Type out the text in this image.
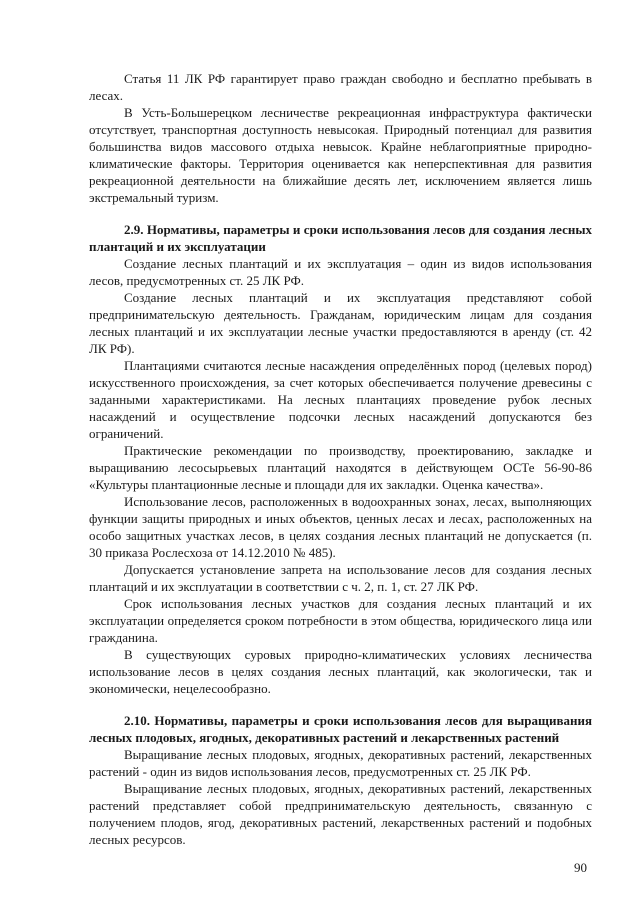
Статья 11 ЛК РФ гарантирует право граждан свободно и бесплатно пребывать в лесах.

В Усть-Большерецком лесничестве рекреационная инфраструктура фактически отсутствует, транспортная доступность невысокая. Природный потенциал для развития большинства видов массового отдыха невысок. Крайне неблагоприятные природно-климатические факторы. Территория оценивается как неперспективная для развития рекреационной деятельности на ближайшие десять лет, исключением является лишь экстремальный туризм.

2.9. Нормативы, параметры и сроки использования лесов для создания лесных плантаций и их эксплуатации

Создание лесных плантаций и их эксплуатация – один из видов использования лесов, предусмотренных ст. 25 ЛК РФ.

Создание лесных плантаций и их эксплуатация представляют собой предпринимательскую деятельность. Гражданам, юридическим лицам для создания лесных плантаций и их эксплуатации лесные участки предоставляются в аренду (ст. 42 ЛК РФ).

Плантациями считаются лесные насаждения определённых пород (целевых пород) искусственного происхождения, за счет которых обеспечивается получение древесины с заданными характеристиками. На лесных плантациях проведение рубок лесных насаждений и осуществление подсочки лесных насаждений допускаются без ограничений.

Практические рекомендации по производству, проектированию, закладке и выращиванию лесосырьевых плантаций находятся в действующем ОСТе 56-90-86 «Культуры плантационные лесные и площади для их закладки. Оценка качества».

Использование лесов, расположенных в водоохранных зонах, лесах, выполняющих функции защиты природных и иных объектов, ценных лесах и лесах, расположенных на особо защитных участках лесов, в целях создания лесных плантаций не допускается (п. 30 приказа Рослесхоза от 14.12.2010 № 485).

Допускается установление запрета на использование лесов для создания лесных плантаций и их эксплуатации в соответствии с ч. 2, п. 1, ст. 27 ЛК РФ.

Срок использования лесных участков для создания лесных плантаций и их эксплуатации определяется сроком потребности в этом общества, юридического лица или гражданина.

В существующих суровых природно-климатических условиях лесничества использование лесов в целях создания лесных плантаций, как экологически, так и экономически, нецелесообразно.

2.10. Нормативы, параметры и сроки использования лесов для выращивания лесных плодовых, ягодных, декоративных растений и лекарственных растений

Выращивание лесных плодовых, ягодных, декоративных растений, лекарственных растений - один из видов использования лесов, предусмотренных ст. 25 ЛК РФ.

Выращивание лесных плодовых, ягодных, декоративных растений, лекарственных растений представляет собой предпринимательскую деятельность, связанную с получением плодов, ягод, декоративных растений, лекарственных растений и подобных лесных ресурсов.

90
